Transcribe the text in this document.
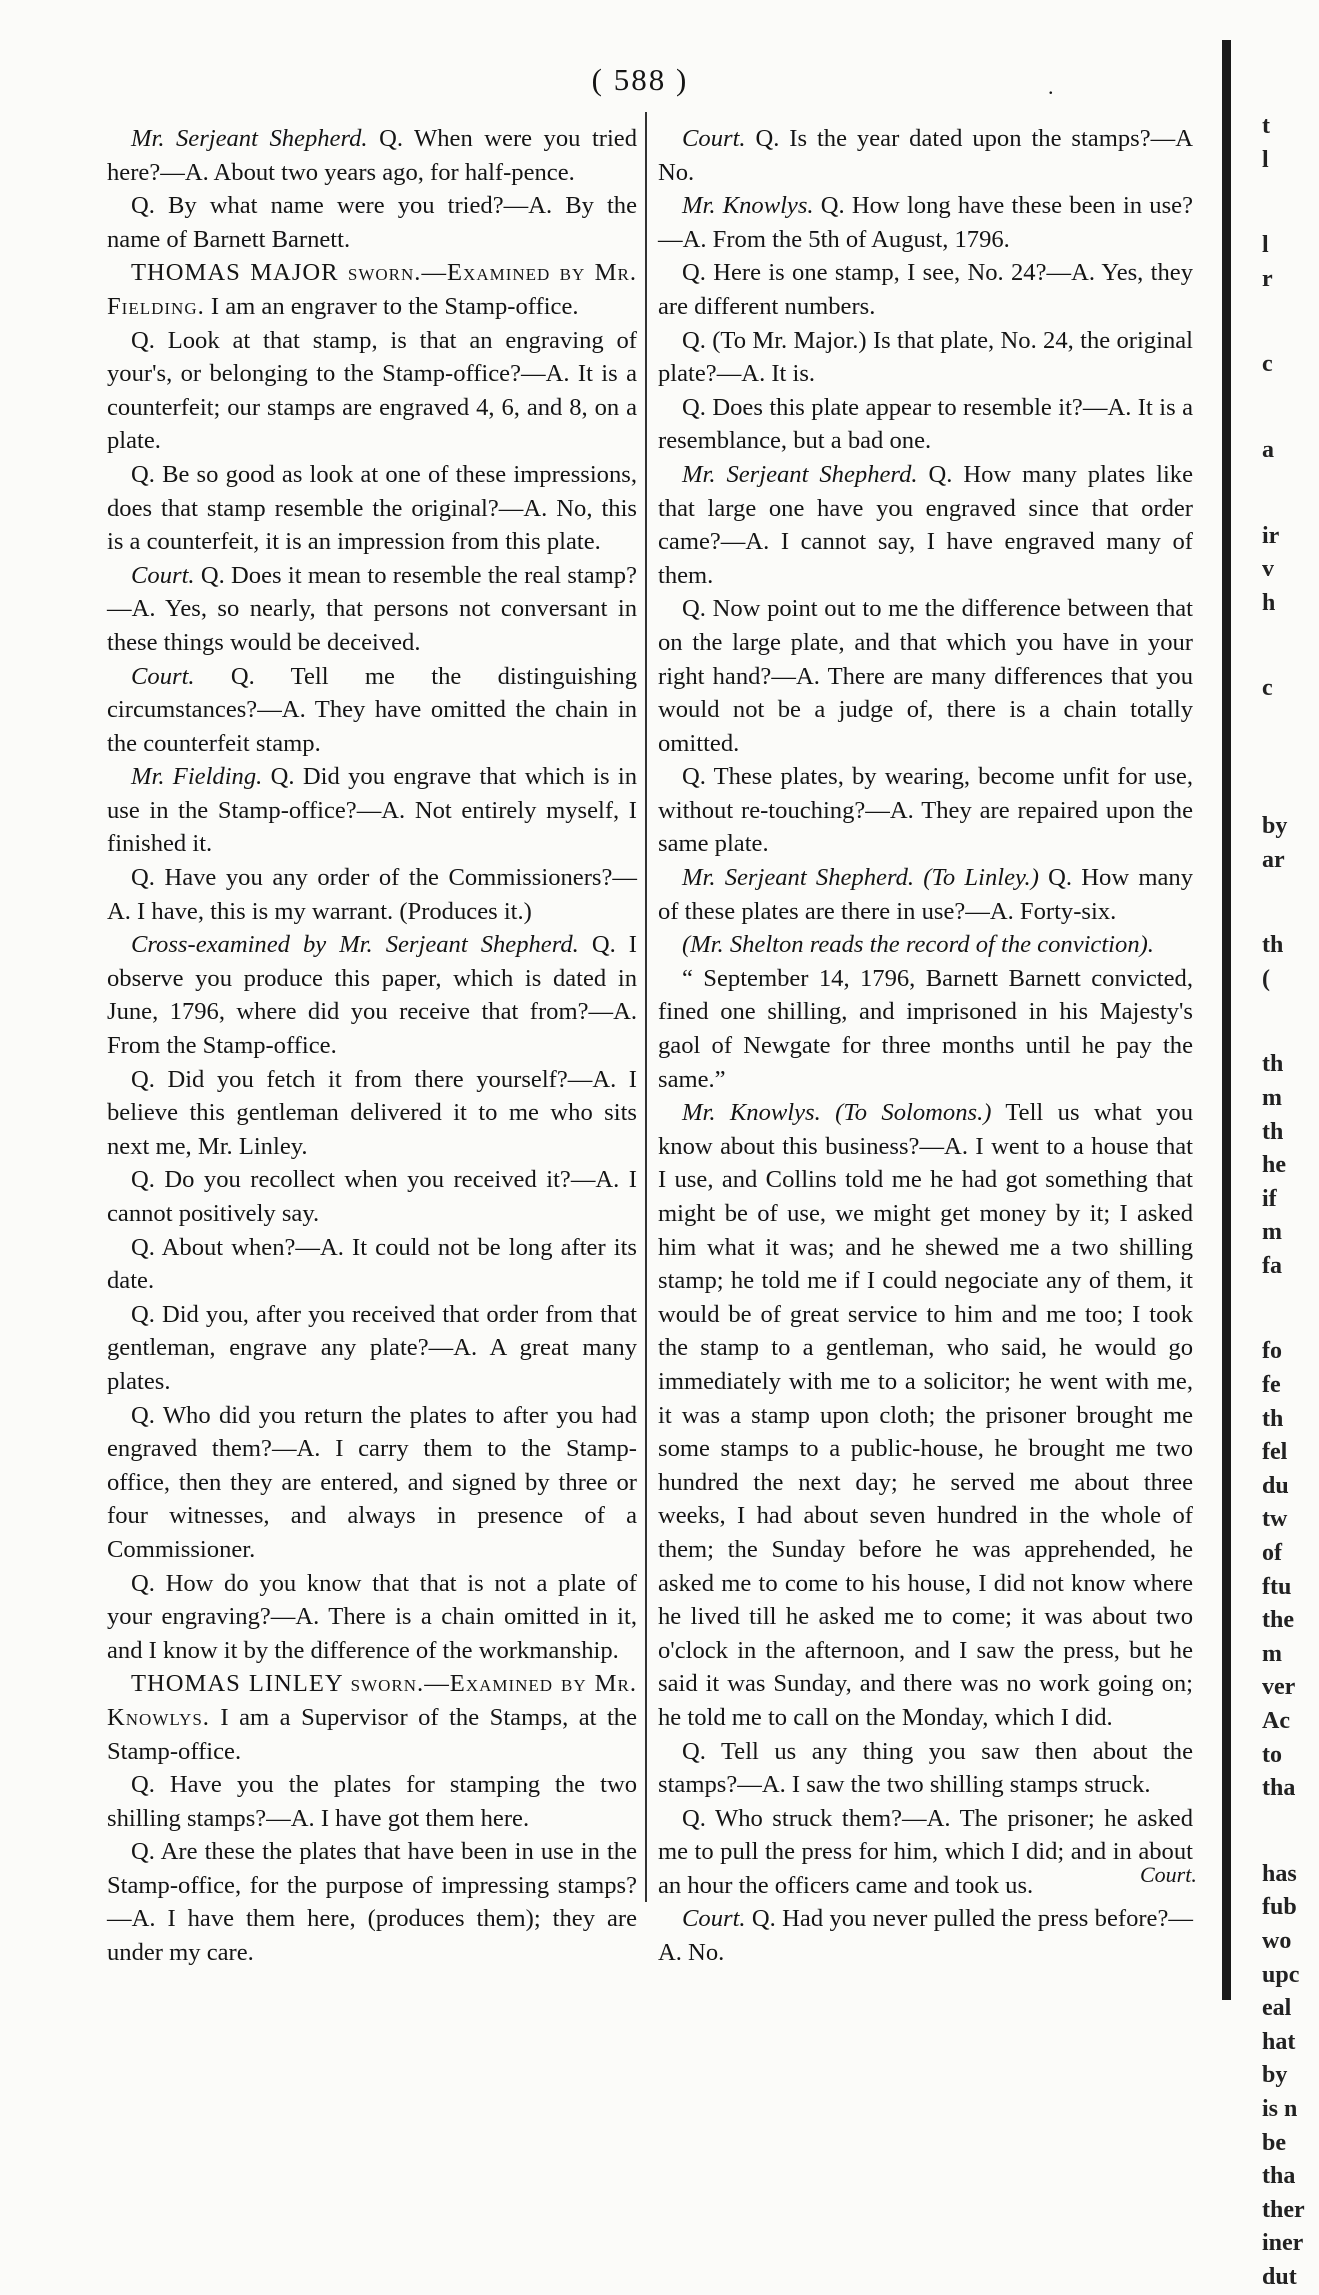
( 588 )	.

Mr. Serjeant Shepherd. Q. When were you tried here?—A. About two years ago, for half-pence.

Q. By what name were you tried?—A. By the name of Barnett Barnett.

THOMAS MAJOR sworn.—Examined by Mr. Fielding. I am an engraver to the Stamp-office.

Q. Look at that stamp, is that an engraving of your's, or belonging to the Stamp-office?—A. It is a counterfeit; our stamps are engraved 4, 6, and 8, on a plate.

Q. Be so good as look at one of these impressions, does that stamp resemble the original?—A. No, this is a counterfeit, it is an impression from this plate.

Court. Q. Does it mean to resemble the real stamp?—A. Yes, so nearly, that persons not conversant in these things would be deceived.

Court. Q. Tell me the distinguishing circumstances?—A. They have omitted the chain in the counterfeit stamp.

Mr. Fielding. Q. Did you engrave that which is in use in the Stamp-office?—A. Not entirely myself, I finished it.

Q. Have you any order of the Commissioners?—A. I have, this is my warrant. (Produces it.)

Cross-examined by Mr. Serjeant Shepherd. Q. I observe you produce this paper, which is dated in June, 1796, where did you receive that from?—A. From the Stamp-office.

Q. Did you fetch it from there yourself?—A. I believe this gentleman delivered it to me who sits next me, Mr. Linley.

Q. Do you recollect when you received it?—A. I cannot positively say.

Q. About when?—A. It could not be long after its date.

Q. Did you, after you received that order from that gentleman, engrave any plate?—A. A great many plates.

Q. Who did you return the plates to after you had engraved them?—A. I carry them to the Stamp-office, then they are entered, and signed by three or four witnesses, and always in presence of a Commissioner.

Q. How do you know that that is not a plate of your engraving?—A. There is a chain omitted in it, and I know it by the difference of the workmanship.

THOMAS LINLEY sworn.—Examined by Mr. Knowlys. I am a Supervisor of the Stamps, at the Stamp-office.

Q. Have you the plates for stamping the two shilling stamps?—A. I have got them here.

Q. Are these the plates that have been in use in the Stamp-office, for the purpose of impressing stamps?—A. I have them here, (produces them); they are under my care.

Court. Q. Is the year dated upon the stamps?—A No.

Mr. Knowlys. Q. How long have these been in use?—A. From the 5th of August, 1796.

Q. Here is one stamp, I see, No. 24?—A. Yes, they are different numbers.

Q. (To Mr. Major.) Is that plate, No. 24, the original plate?—A. It is.

Q. Does this plate appear to resemble it?—A. It is a resemblance, but a bad one.

Mr. Serjeant Shepherd. Q. How many plates like that large one have you engraved since that order came?—A. I cannot say, I have engraved many of them.

Q. Now point out to me the difference between that on the large plate, and that which you have in your right hand?—A. There are many differences that you would not be a judge of, there is a chain totally omitted.

Q. These plates, by wearing, become unfit for use, without re-touching?—A. They are repaired upon the same plate.

Mr. Serjeant Shepherd. (To Linley.) Q. How many of these plates are there in use?—A. Forty-six.

(Mr. Shelton reads the record of the conviction).

“ September 14, 1796, Barnett Barnett convicted, fined one shilling, and imprisoned in his Majesty's gaol of Newgate for three months until he pay the same.”

Mr. Knowlys. (To Solomons.) Tell us what you know about this business?—A. I went to a house that I use, and Collins told me he had got something that might be of use, we might get money by it; I asked him what it was; and he shewed me a two shilling stamp; he told me if I could negociate any of them, it would be of great service to him and me too; I took the stamp to a gentleman, who said, he would go immediately with me to a solicitor; he went with me, it was a stamp upon cloth; the prisoner brought me some stamps to a public-house, he brought me two hundred the next day; he served me about three weeks, I had about seven hundred in the whole of them; the Sunday before he was apprehended, he asked me to come to his house, I did not know where he lived till he asked me to come; it was about two o'clock in the afternoon, and I saw the press, but he said it was Sunday, and there was no work going on; he told me to call on the Monday, which I did.

Q. Tell us any thing you saw then about the stamps?—A. I saw the two shilling stamps struck.

Q. Who struck them?—A. The prisoner; he asked me to pull the press for him, which I did; and in about an hour the officers came and took us.

Court. Q. Had you never pulled the press before?—A. No.

Court.
t
l
l
r
c
a
ir
v
h
c
by
ar
th
(
th
m
th
he
if
m
fa
fo
fe
th
fel
du
tw
of
ftu
the
m
ver
Ac
to
tha
has
fub
wo
upc
eal
hat
by
is n
be
tha
ther
iner
dut
